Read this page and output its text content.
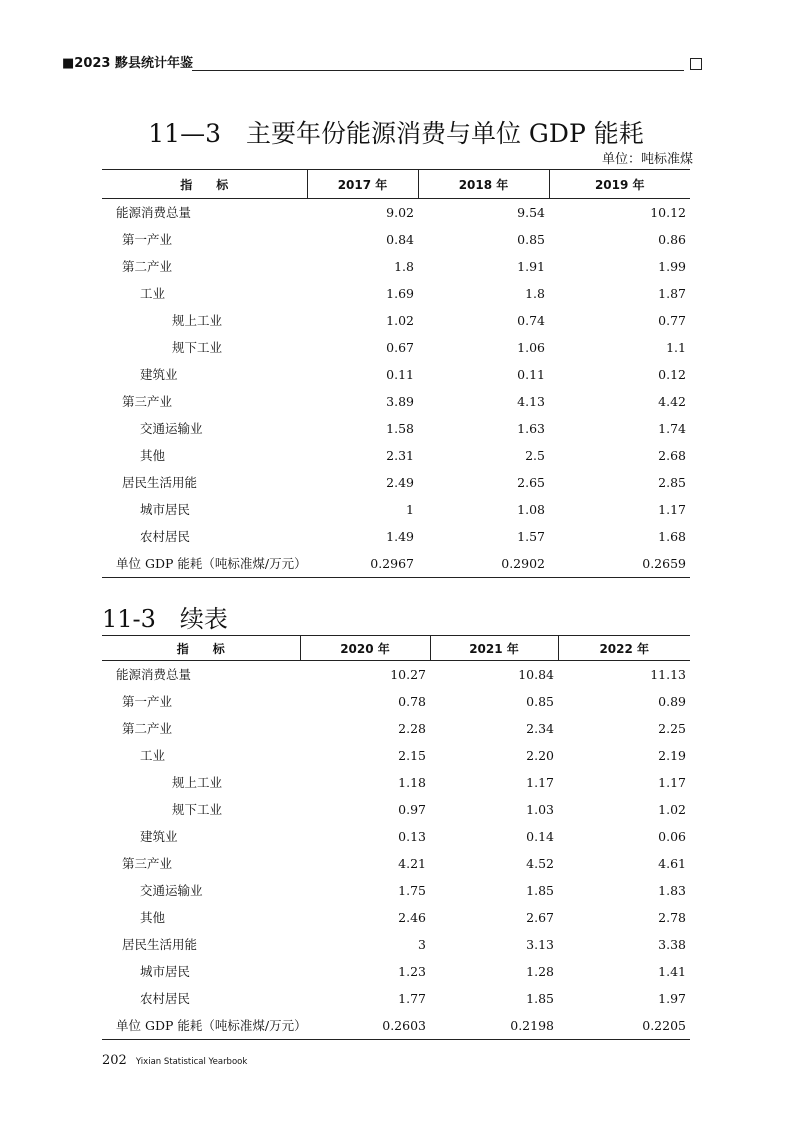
■2023 黟县统计年鉴
11—3　主要年份能源消费与单位 GDP 能耗
单位：吨标准煤
指　　标	2017 年	2018 年	2019 年
能源消费总量	9.02	9.54	10.12
第一产业	0.84	0.85	0.86
第二产业	1.8	1.91	1.99
工业	1.69	1.8	1.87
规上工业	1.02	0.74	0.77
规下工业	0.67	1.06	1.1
建筑业	0.11	0.11	0.12
第三产业	3.89	4.13	4.42
交通运输业	1.58	1.63	1.74
其他	2.31	2.5	2.68
居民生活用能	2.49	2.65	2.85
城市居民	1	1.08	1.17
农村居民	1.49	1.57	1.68
单位 GDP 能耗（吨标准煤/万元）	0.2967	0.2902	0.2659
11-3　续表
指　　标	2020 年	2021 年	2022 年
能源消费总量	10.27	10.84	11.13
第一产业	0.78	0.85	0.89
第二产业	2.28	2.34	2.25
工业	2.15	2.20	2.19
规上工业	1.18	1.17	1.17
规下工业	0.97	1.03	1.02
建筑业	0.13	0.14	0.06
第三产业	4.21	4.52	4.61
交通运输业	1.75	1.85	1.83
其他	2.46	2.67	2.78
居民生活用能	3	3.13	3.38
城市居民	1.23	1.28	1.41
农村居民	1.77	1.85	1.97
单位 GDP 能耗（吨标准煤/万元）	0.2603	0.2198	0.2205
202 Yixian Statistical Yearbook
